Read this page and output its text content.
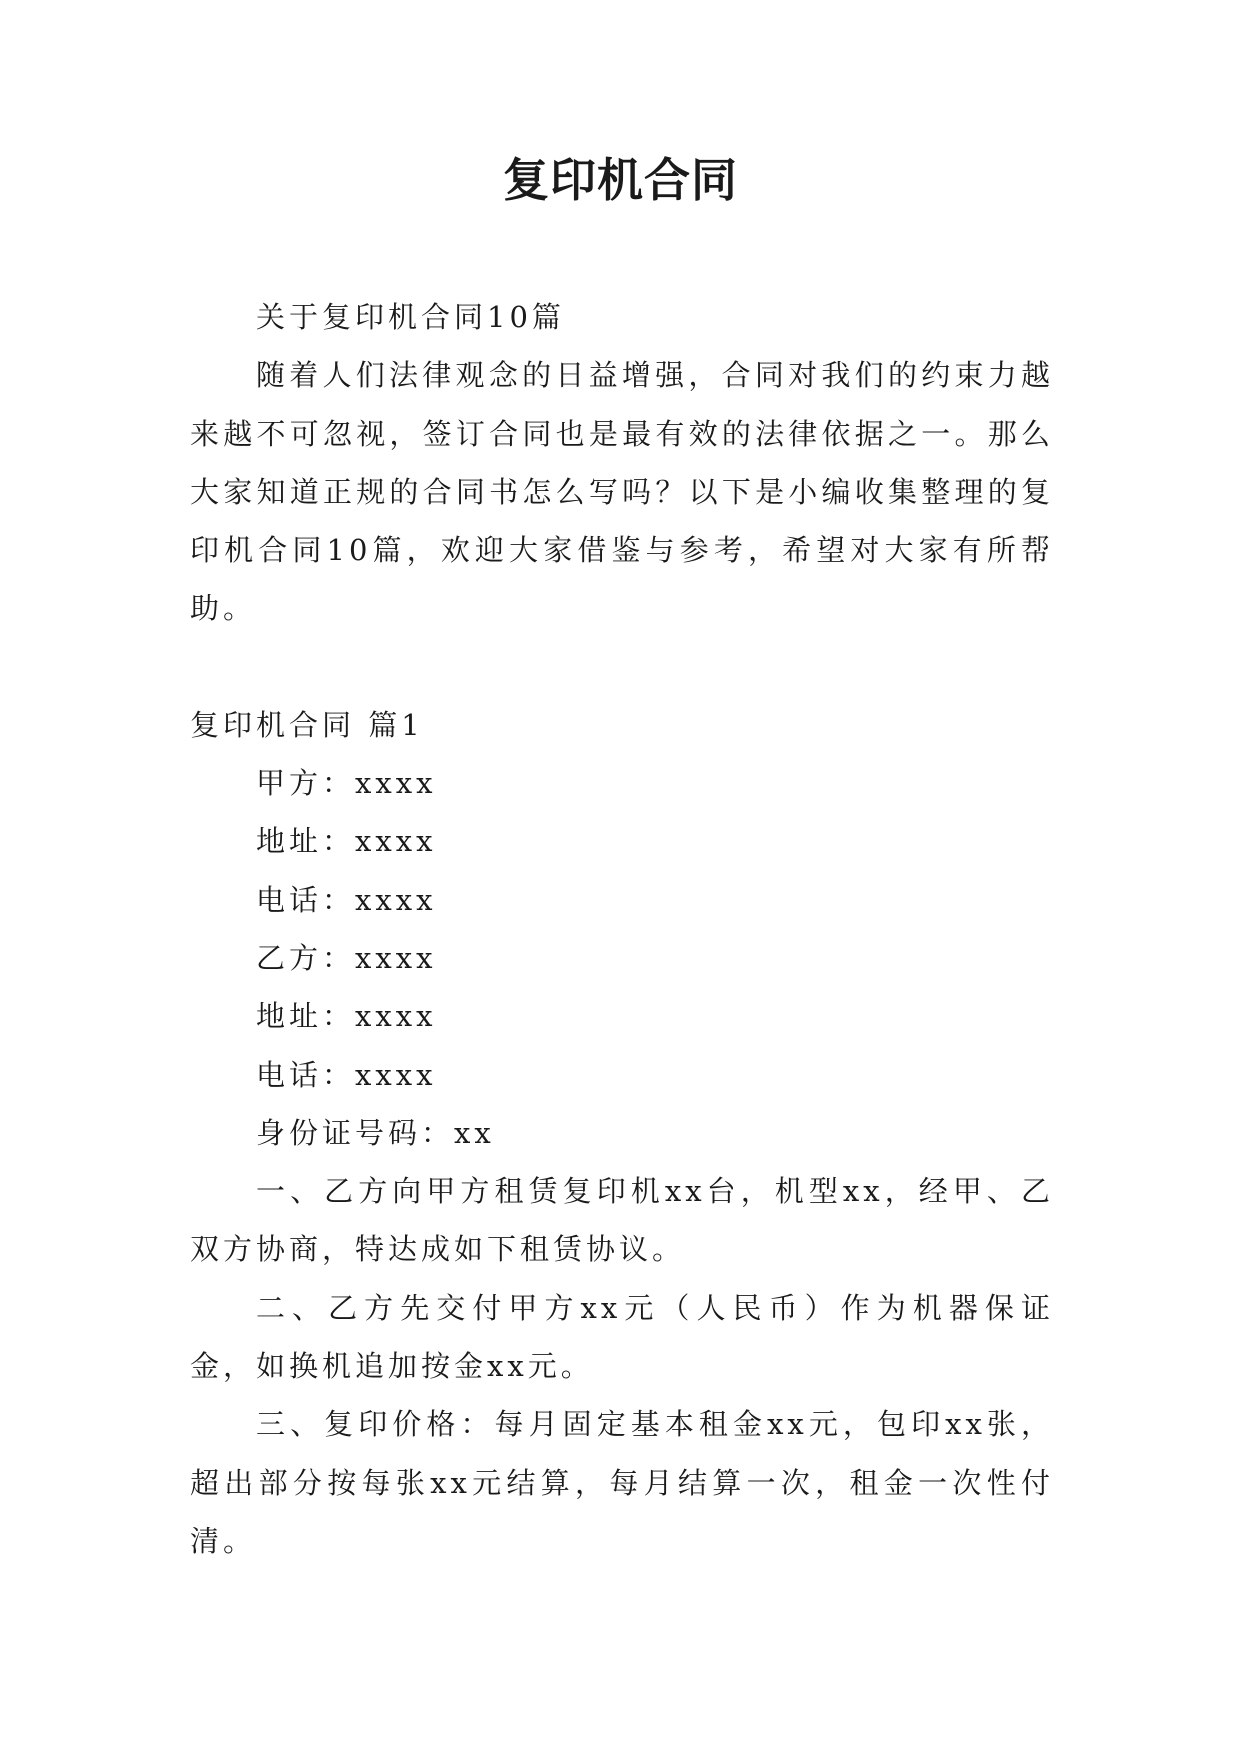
复印机合同

关于复印机合同10篇

随着人们法律观念的日益增强，合同对我们的约束力越来越不可忽视，签订合同也是最有效的法律依据之一。那么大家知道正规的合同书怎么写吗？以下是小编收集整理的复印机合同10篇，欢迎大家借鉴与参考，希望对大家有所帮助。

复印机合同 篇1

甲方：xxxx

地址：xxxx

电话：xxxx

乙方：xxxx

地址：xxxx

电话：xxxx

身份证号码：xx

一、乙方向甲方租赁复印机xx台，机型xx，经甲、乙双方协商，特达成如下租赁协议。

二、乙方先交付甲方xx元（人民币）作为机器保证金，如换机追加按金xx元。

三、复印价格：每月固定基本租金xx元，包印xx张，超出部分按每张xx元结算，每月结算一次，租金一次性付清。
